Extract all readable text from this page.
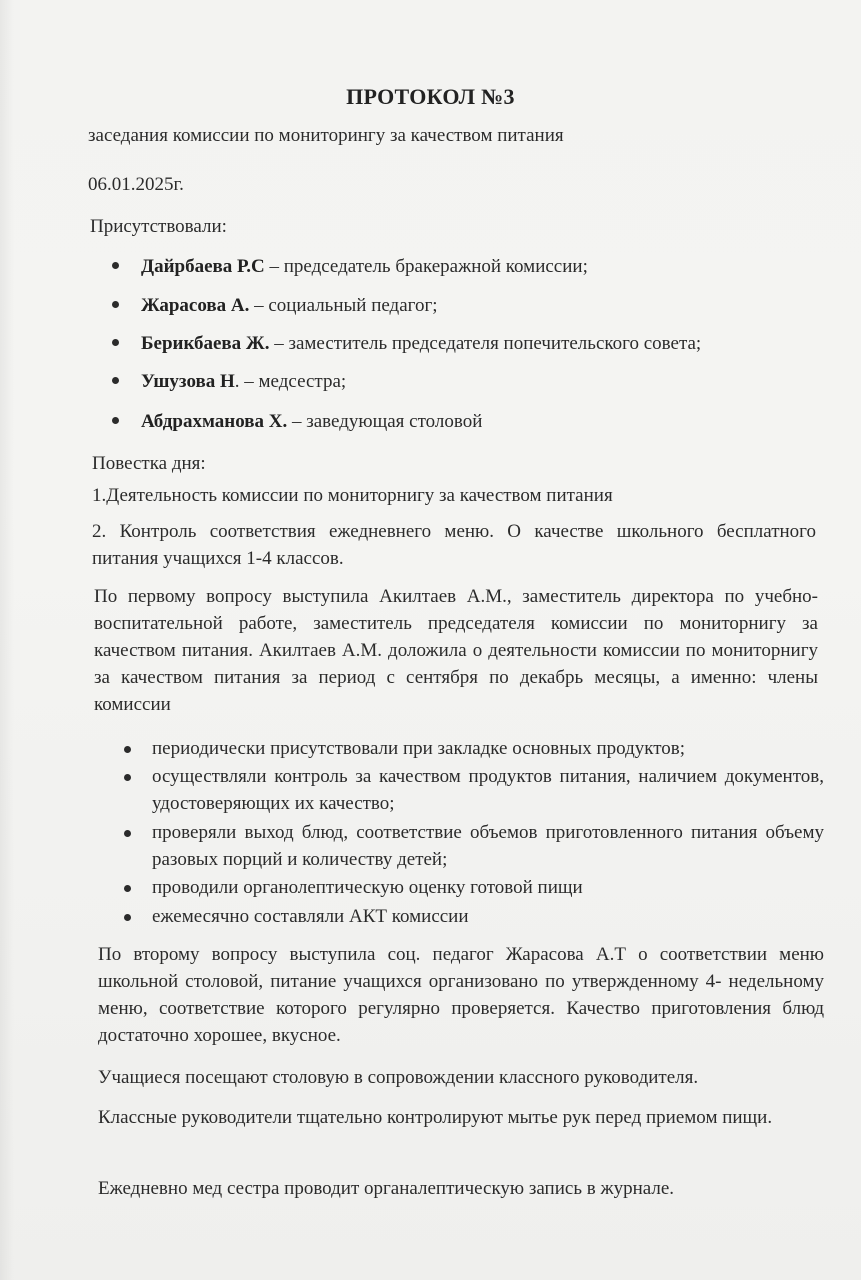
ПРОТОКОЛ №3
заседания комиссии по мониторингу за качеством питания
06.01.2025г.
Присутствовали:
Дайрбаева Р.С – председатель бракеражной комиссии;
Жарасова А. – социальный педагог;
Берикбаева Ж. – заместитель председателя попечительского совета;
Ушузова Н. – медсестра;
Абдрахманова Х. – заведующая столовой
Повестка дня:
1.Деятельность комиссии по мониторнигу за качеством питания
2. Контроль соответствия ежедневнего меню. О качестве школьного бесплатного питания учащихся 1-4 классов.
По первому вопросу выступила Акилтаев А.М., заместитель директора по учебно-воспитательной работе, заместитель председателя комиссии по мониторнигу за качеством питания. Акилтаев А.М. доложила о деятельности комиссии по мониторнигу за качеством питания за период с сентября по декабрь месяцы, а именно: члены комиссии
периодически присутствовали при закладке основных продуктов;
осуществляли контроль за качеством продуктов питания, наличием документов, удостоверяющих их качество;
проверяли выход блюд, соответствие объемов приготовленного питания объему разовых порций и количеству детей;
проводили органолептическую оценку готовой пищи
ежемесячно составляли АКТ комиссии
По второму вопросу выступила соц. педагог Жарасова А.Т о соответствии меню школьной столовой, питание учащихся организовано по утвержденному 4- недельному меню, соответствие которого регулярно проверяется. Качество приготовления блюд достаточно хорошее, вкусное.
Учащиеся посещают столовую в сопровождении классного руководителя.
Классные руководители тщательно контролируют мытье рук перед приемом пищи.
Ежедневно мед сестра проводит органалептическую запись в журнале.
